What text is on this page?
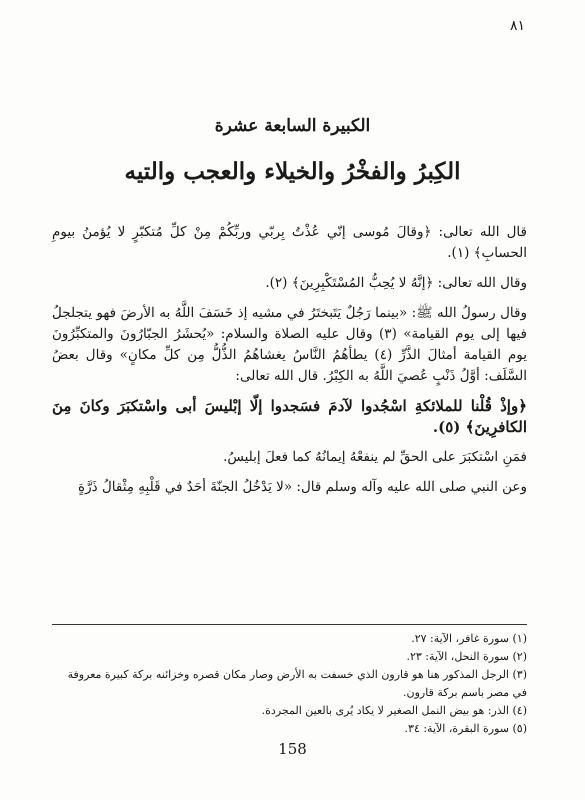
٨١
الكبيرة السابعة عشرة
الكِبرُ والفخْرُ والخيلاء والعجب والتيه

قال الله تعالى: ﴿وقالَ مُوسى إنّي عُذْتُ بِربّي وربِّكُمْ مِنْ كلِّ مُتكبّرٍ لا يُؤمنُ بيومِ الحسابِ﴾ (١).

وقال الله تعالى: ﴿إنَّهُ لا يُحِبُّ المُسْتَكْبِرِينَ﴾ (٢).

وقال رسولُ الله ﷺ: «بينما رَجُلٌ يَتَبختَرُ في مشيه إذ خَسَفَ اللَّهُ به الأرضَ فهو يتجلجلُ فيها إلى يوم القيامة» (٣) وقال عليه الصلاة والسلام: «يُحشَرُ الجبّارُونَ والمتكبِّرُونَ يوم القيامة أمثالَ الذَّرِّ (٤) يطأهُمُ النَّاسُ يغشاهُمُ الذُّلُّ مِن كلِّ مكانٍ» وقال بعضُ السَّلَف: أوَّلُ ذَنْبٍ عُصيَ اللَّهُ به الكِبْرُ. قال الله تعالى:

﴿وإذْ قُلْنا للملائكةِ اسْجُدوا لآدمَ فسَجدوا إلّا إبْليسَ أبى واسْتكبَرَ وكانَ مِنَ الكافرِينَ﴾ (٥).

فمَنِ اسْتكبَرَ على الحقِّ لم ينفعْهُ إيمانُهُ كما فعلَ إبليسُ.

وعن النبي صلى الله عليه وآله وسلم قال: «لا يَدْخُلُ الجنّةَ أحَدٌ في قَلْبِهِ مِثْقالُ ذَرَّةٍ

(١) سورة غافر، الآية: ٢٧.
(٢) سورة النحل، الآية: ٢٣.
(٣) الرجل المذكور هنا هو قارون الذي خسفت به الأرض وصار مكان قصره وخزائنه بركة كبيرة معروفة في مصر باسم بركة قارون.
(٤) الذر: هو بيض النمل الصغير لا يكاد يُرى بالعين المجردة.
(٥) سورة البقرة، الآية: ٣٤.
158
